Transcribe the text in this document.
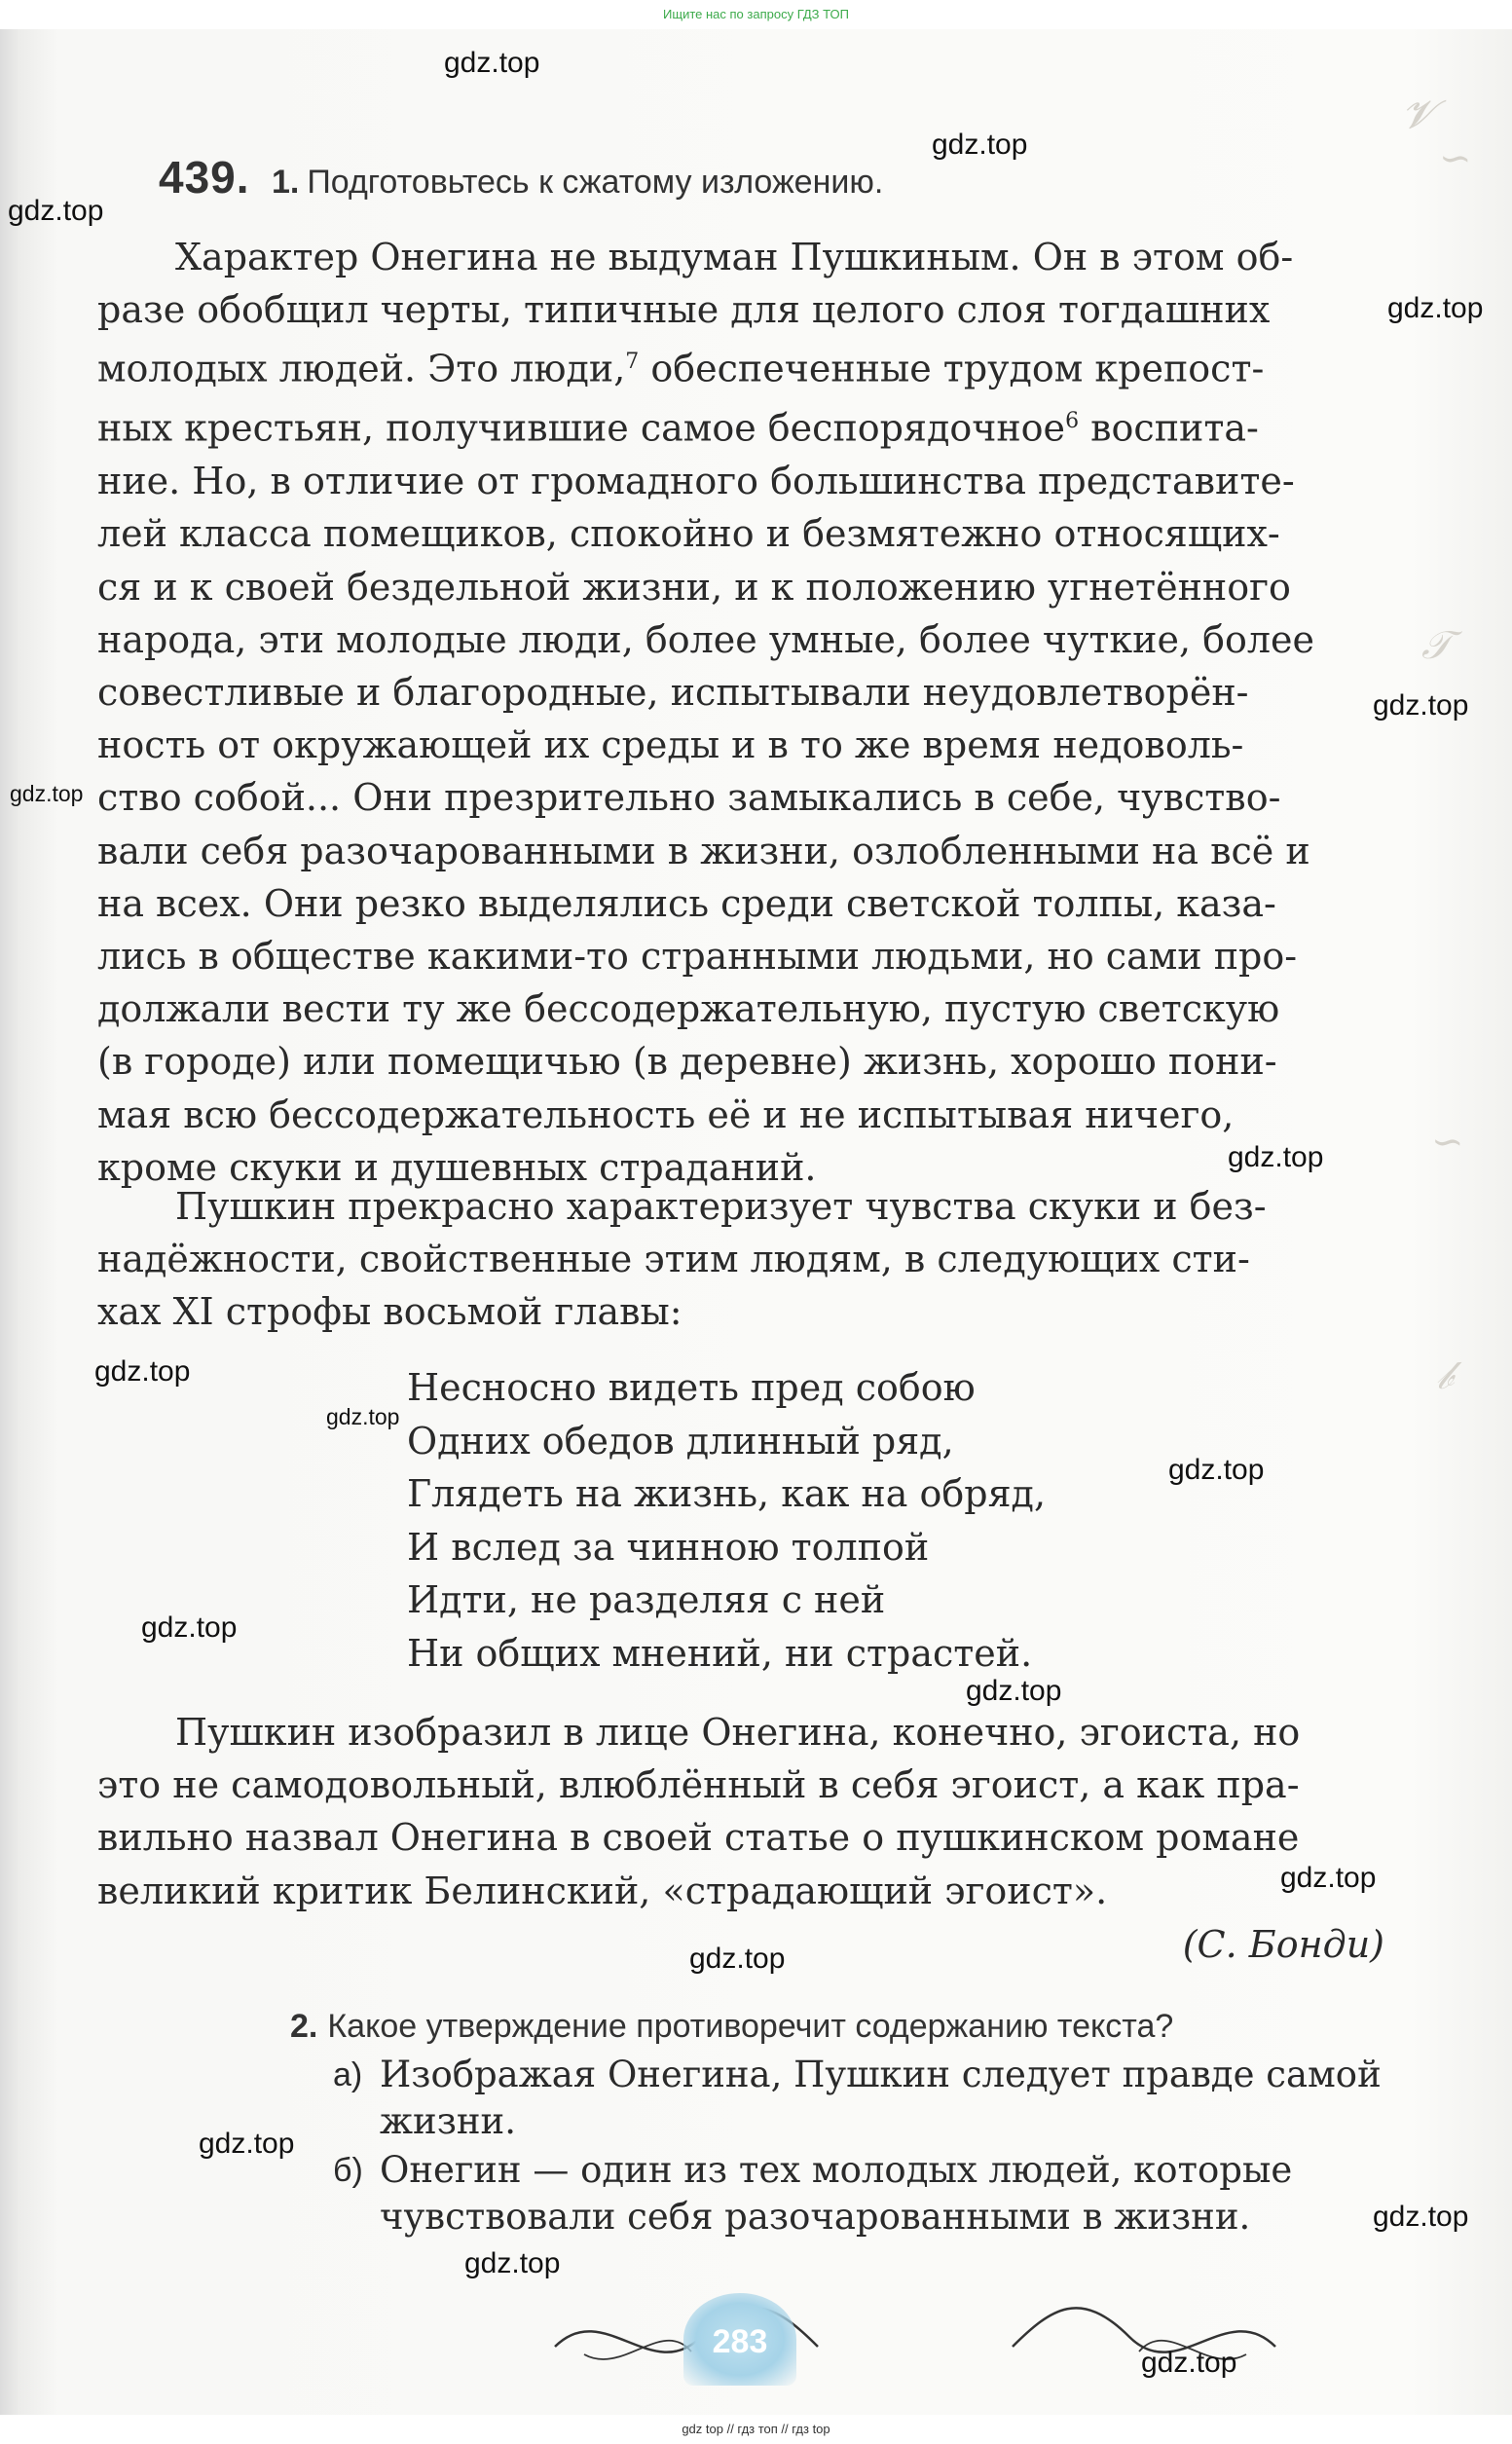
Ищите нас по запросу ГДЗ ТОП
𝓥
∽
𝒯
∽
𝒷
439. 1. Подготовьтесь к сжатому изложению.
Характер Онегина не выдуман Пушкиным. Он в этом об-
разе обобщил черты, типичные для целого слоя тогдашних
молодых людей. Это люди,$^7$ обеспеченные трудом крепост-
ных крестьян, получившие самое беспорядочное$^6$ воспита-
ние. Но, в отличие от громадного большинства представите-
лей класса помещиков, спокойно и безмятежно относящих-
ся и к своей бездельной жизни, и к положению угнетённого
народа, эти молодые люди, более умные, более чуткие, более
совестливые и благородные, испытывали неудовлетворён-
ность от окружающей их среды и в то же время недоволь-
ство собой... Они презрительно замыкались в себе, чувство-
вали себя разочарованными в жизни, озлобленными на всё и
на всех. Они резко выделялись среди светской толпы, каза-
лись в обществе какими-то странными людьми, но сами про-
должали вести ту же бессодержательную, пустую светскую
(в городе) или помещичью (в деревне) жизнь, хорошо пони-
мая всю бессодержательность её и не испытывая ничего,
кроме скуки и душевных страданий.
Пушкин прекрасно характеризует чувства скуки и без-
надёжности, свойственные этим людям, в следующих сти-
хах XI строфы восьмой главы:
Несносно видеть пред собою
Одних обедов длинный ряд,
Глядеть на жизнь, как на обряд,
И вслед за чинною толпой
Идти, не разделяя с ней
Ни общих мнений, ни страстей.
Пушкин изобразил в лице Онегина, конечно, эгоиста, но
это не самодовольный, влюблённый в себя эгоист, а как пра-
вильно назвал Онегина в своей статье о пушкинском романе
великий критик Белинский, «страдающий эгоист».
(С. Бонди)
2. Какое утверждение противоречит содержанию текста?
а) Изображая Онегина, Пушкин следует правде самой
жизни.
б) Онегин — один из тех молодых людей, которые
чувствовали себя разочарованными в жизни.
283
gdz.top
gdz.top
gdz.top
gdz.top
gdz.top
gdz.top
gdz.top
gdz.top
gdz.top
gdz.top
gdz.top
gdz.top
gdz.top
gdz.top
gdz.top
gdz.top
gdz.top
gdz.top
gdz top // гдз топ // гдз top
